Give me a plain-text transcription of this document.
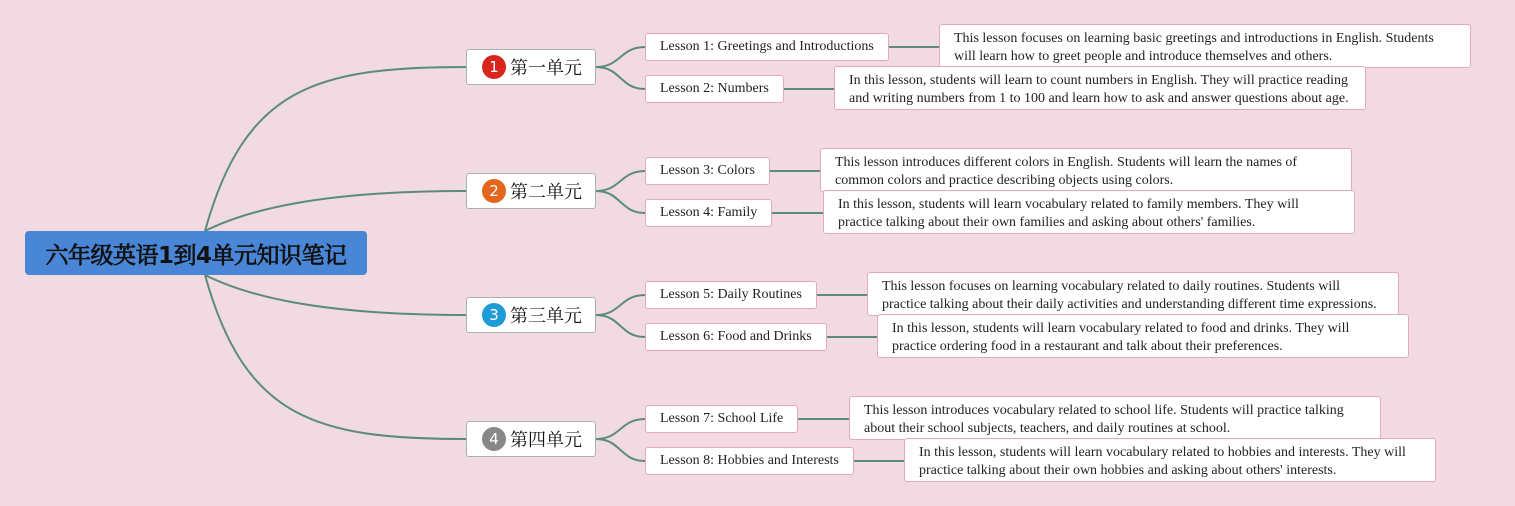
六年级英语1到4单元知识笔记
1 第一单元
Lesson 1: Greetings and Introductions
This lesson focuses on learning basic greetings and introductions in English. Students will learn how to greet people and introduce themselves and others.
Lesson 2: Numbers
In this lesson, students will learn to count numbers in English. They will practice reading and writing numbers from 1 to 100 and learn how to ask and answer questions about age.
2 第二单元
Lesson 3: Colors
This lesson introduces different colors in English. Students will learn the names of common colors and practice describing objects using colors.
Lesson 4: Family
In this lesson, students will learn vocabulary related to family members. They will practice talking about their own families and asking about others' families.
3 第三单元
Lesson 5: Daily Routines
This lesson focuses on learning vocabulary related to daily routines. Students will practice talking about their daily activities and understanding different time expressions.
Lesson 6: Food and Drinks
In this lesson, students will learn vocabulary related to food and drinks. They will practice ordering food in a restaurant and talk about their preferences.
4 第四单元
Lesson 7: School Life
This lesson introduces vocabulary related to school life. Students will practice talking about their school subjects, teachers, and daily routines at school.
Lesson 8: Hobbies and Interests
In this lesson, students will learn vocabulary related to hobbies and interests. They will practice talking about their own hobbies and asking about others' interests.
